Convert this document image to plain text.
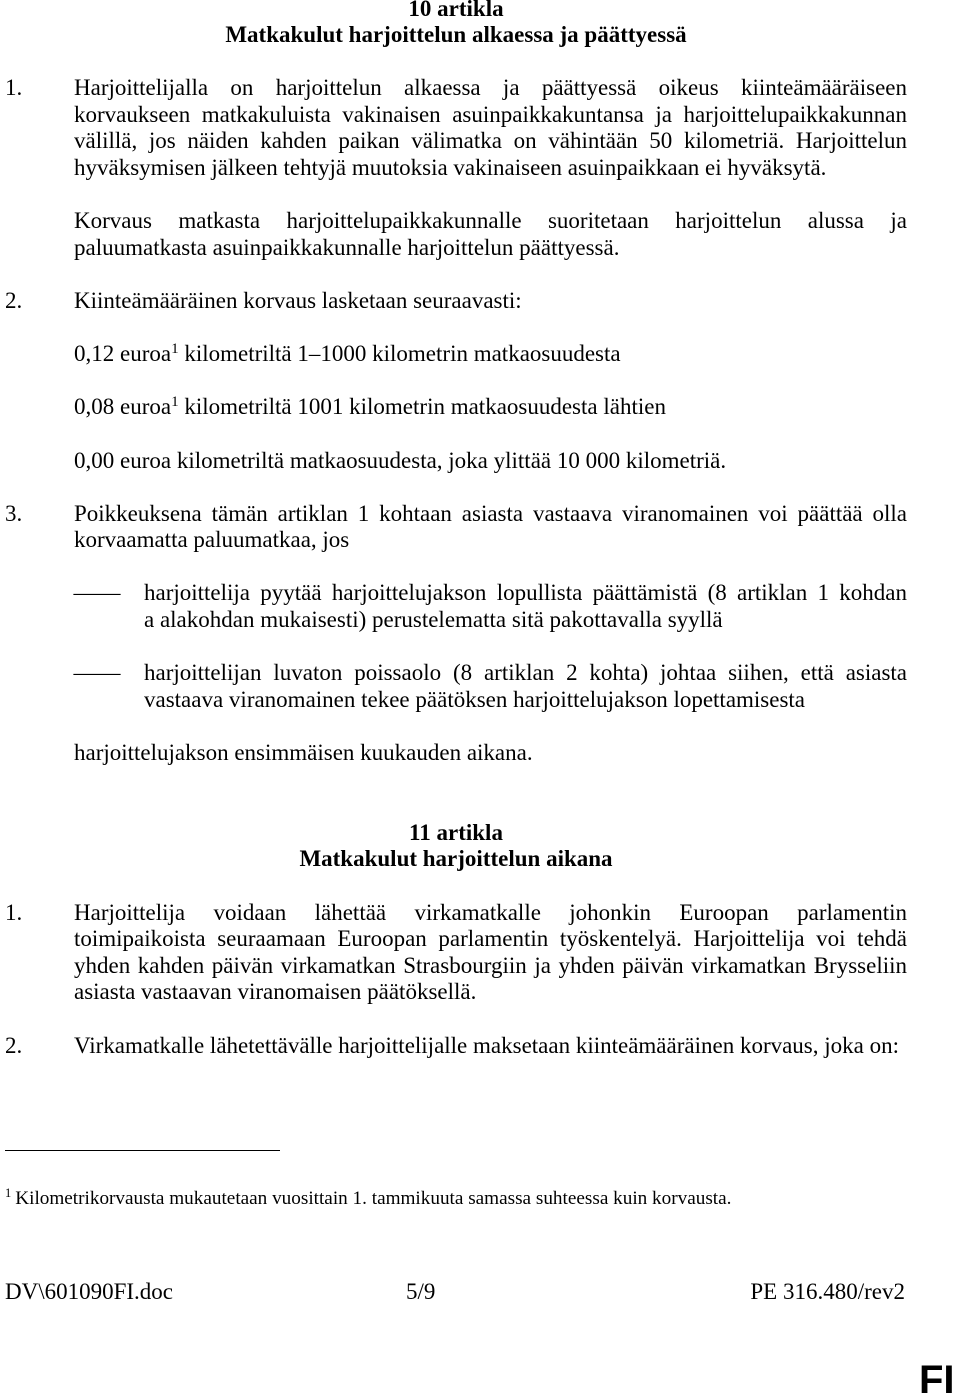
10 artikla
Matkakulut harjoittelun alkaessa ja päättyessä
1. Harjoittelijalla on harjoittelun alkaessa ja päättyessä oikeus kiinteämääräiseen
korvaukseen matkakuluista vakinaisen asuinpaikkakuntansa ja harjoittelupaikkakunnan
välillä, jos näiden kahden paikan välimatka on vähintään 50 kilometriä. Harjoittelun
hyväksymisen jälkeen tehtyjä muutoksia vakinaiseen asuinpaikkaan ei hyväksytä.
Korvaus matkasta harjoittelupaikkakunnalle suoritetaan harjoittelun alussa ja
paluumatkasta asuinpaikkakunnalle harjoittelun päättyessä.
2. Kiinteämääräinen korvaus lasketaan seuraavasti:
0,12 euroa$^1$ kilometriltä 1–1000 kilometrin matkaosuudesta
0,08 euroa$^1$ kilometriltä 1001 kilometrin matkaosuudesta lähtien
0,00 euroa kilometriltä matkaosuudesta, joka ylittää 10 000 kilometriä.
3. Poikkeuksena tämän artiklan 1 kohtaan asiasta vastaava viranomainen voi päättää olla
korvaamatta paluumatkaa, jos
– harjoittelija pyytää harjoittelujakson lopullista päättämistä (8 artiklan 1 kohdan
a alakohdan mukaisesti) perustelematta sitä pakottavalla syyllä
– harjoittelijan luvaton poissaolo (8 artiklan 2 kohta) johtaa siihen, että asiasta
vastaava viranomainen tekee päätöksen harjoittelujakson lopettamisesta
harjoittelujakson ensimmäisen kuukauden aikana.
11 artikla
Matkakulut harjoittelun aikana
1. Harjoittelija voidaan lähettää virkamatkalle johonkin Euroopan parlamentin
toimipaikoista seuraamaan Euroopan parlamentin työskentelyä. Harjoittelija voi tehdä
yhden kahden päivän virkamatkan Strasbourgiin ja yhden päivän virkamatkan Brysseliin
asiasta vastaavan viranomaisen päätöksellä.
2. Virkamatkalle lähetettävälle harjoittelijalle maksetaan kiinteämääräinen korvaus, joka on:
$^1$ Kilometrikorvausta mukautetaan vuosittain 1. tammikuuta samassa suhteessa kuin korvausta.
DV\601090FI.doc	5/9	PE 316.480/rev2
FI
